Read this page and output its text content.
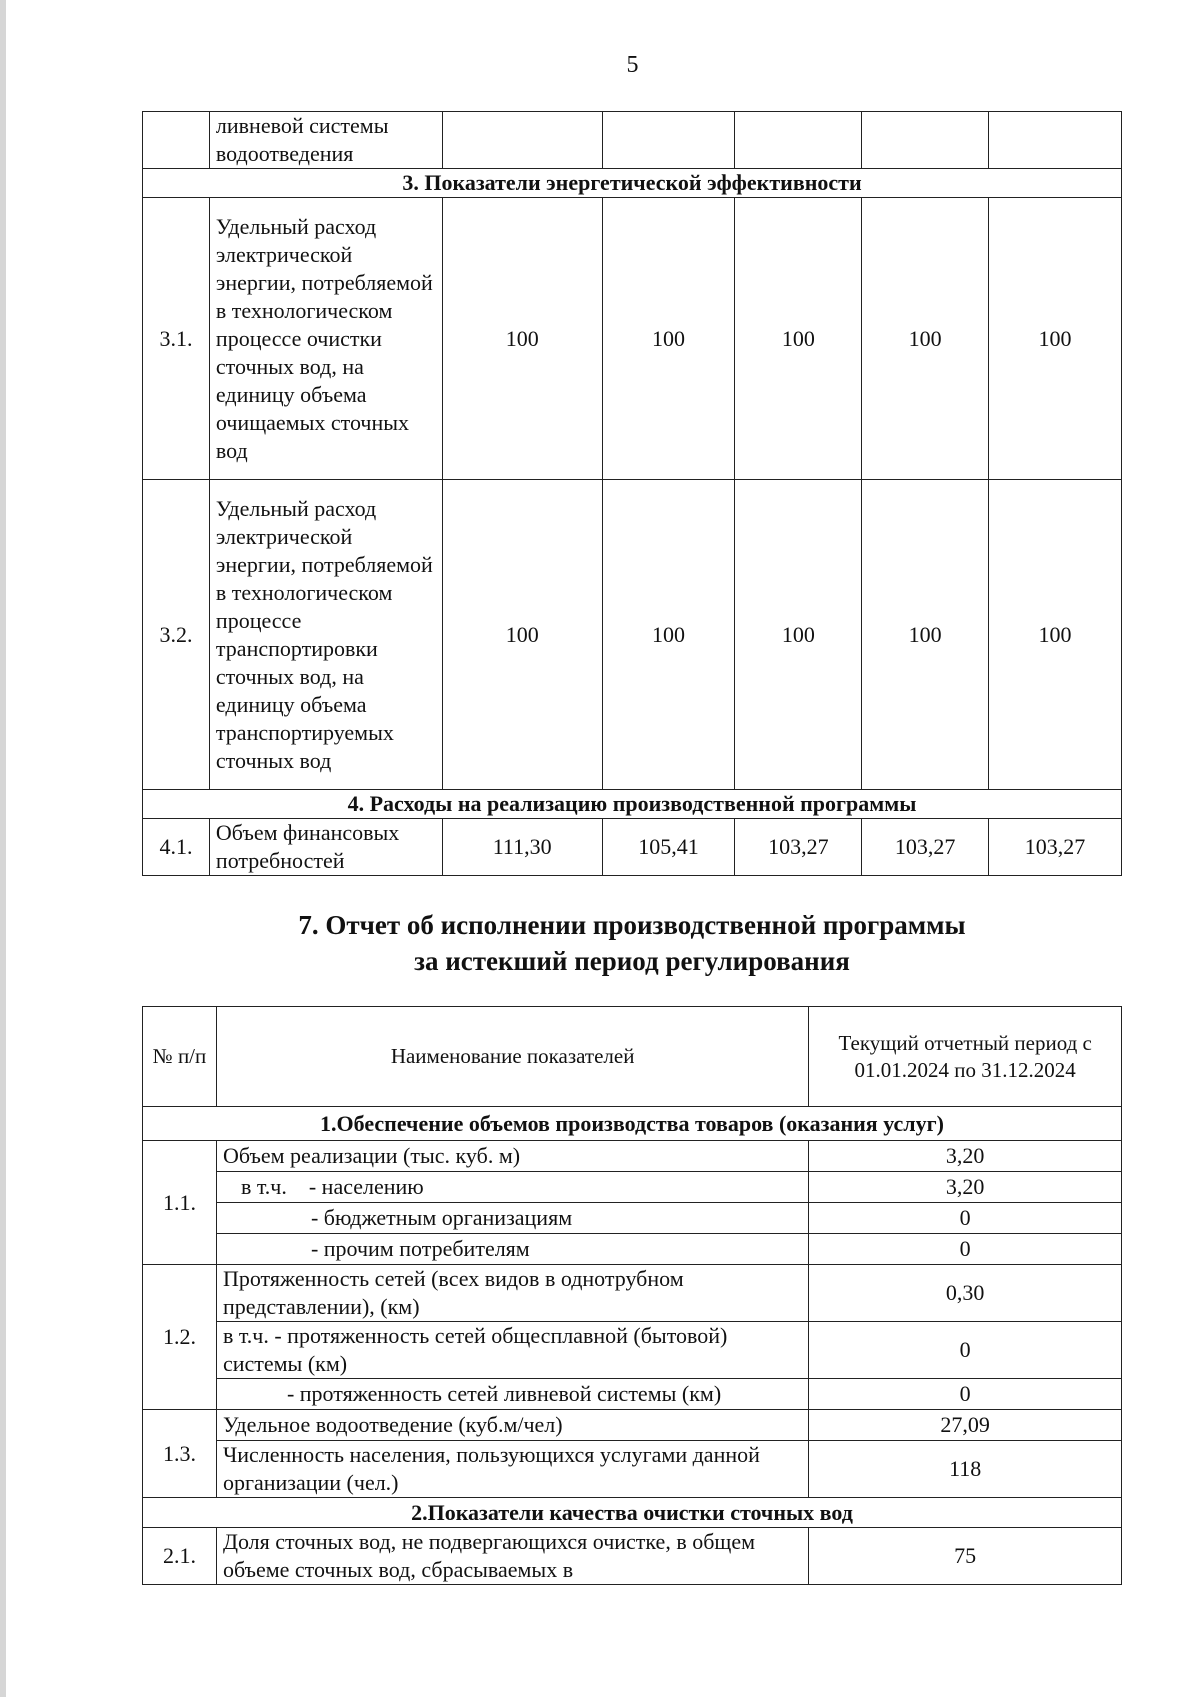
5
	ливневой системы водоотведения					
3. Показатели энергетической эффективности						
3.1.	Удельный расход электрической энергии, потребляемой в технологическом процессе очистки сточных вод, на единицу объема очищаемых сточных вод	100	100	100	100	100
3.2.	Удельный расход электрической энергии, потребляемой в технологическом процессе транспортировки сточных вод, на единицу объема транспортируемых сточных вод	100	100	100	100	100
4. Расходы на реализацию производственной программы						
4.1.	Объем финансовых потребностей	111,30	105,41	103,27	103,27	103,27
7. Отчет об исполнении производственной программы
за истекший период регулирования
№ п/п	Наименование показателей	Текущий отчетный период с 01.01.2024 по 31.12.2024
1.Обеспечение объемов производства товаров (оказания услуг)		
1.1.	Объем реализации (тыс. куб. м)	3,20
	в т.ч.    - населению	3,20
	- бюджетным организациям	0
	- прочим потребителям	0
1.2.	Протяженность сетей (всех видов в однотрубном представлении), (км)	0,30
	в т.ч. - протяженность сетей общесплавной (бытовой) системы (км)	0
	- протяженность сетей ливневой системы (км)	0
1.3.	Удельное водоотведение (куб.м/чел)	27,09
	Численность населения, пользующихся услугами данной организации (чел.)	118
2.Показатели качества очистки сточных вод		
2.1.	Доля сточных вод, не подвергающихся очистке, в общем объеме сточных вод, сбрасываемых в	75
